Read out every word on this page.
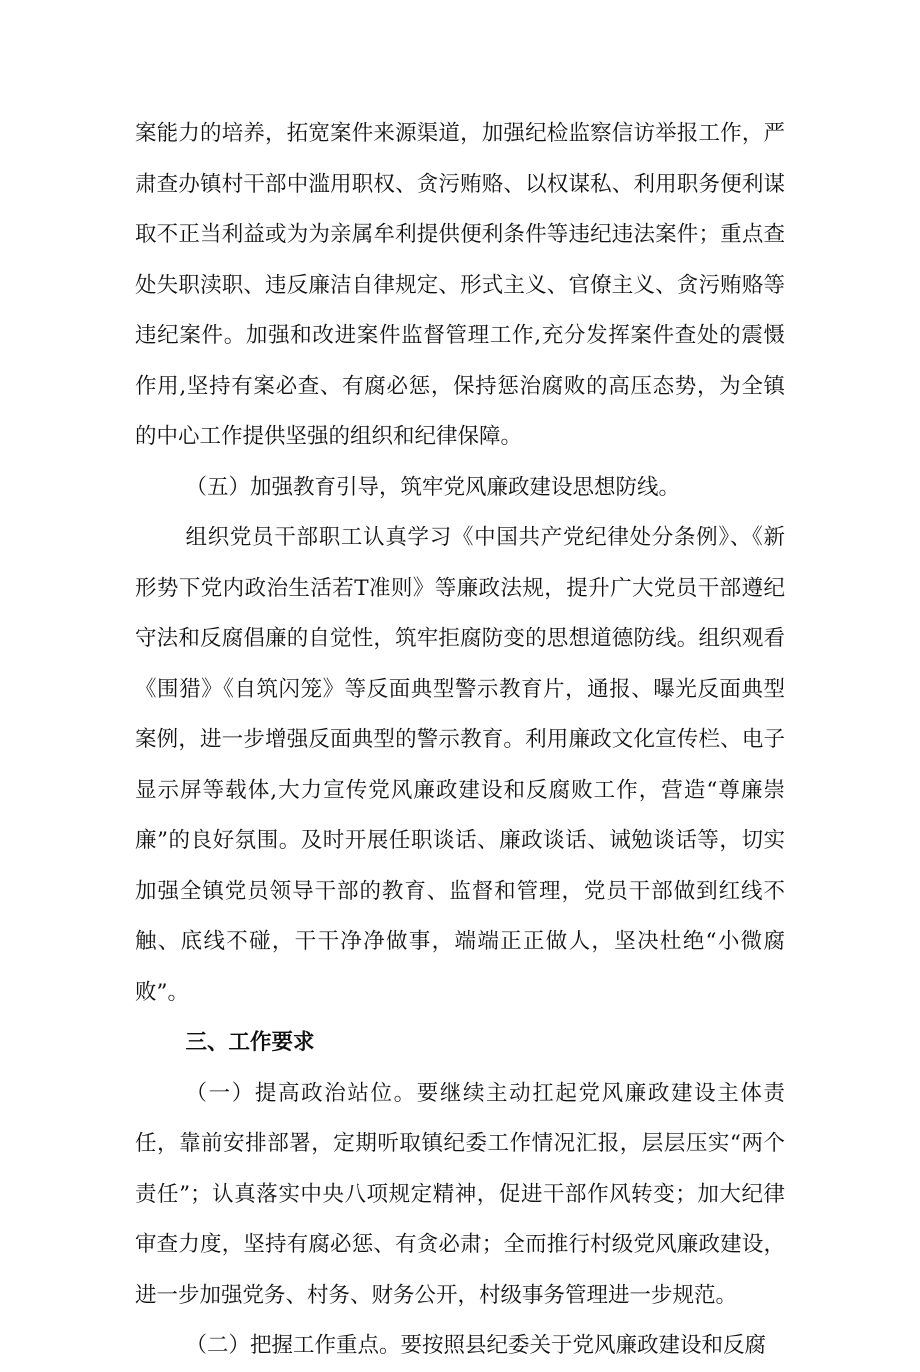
案能力的培养，拓宽案件来源渠道，加强纪检监察信访举报工作，严肃查办镇村干部中滥用职权、贪污贿赂、以权谋私、利用职务便利谋取不正当利益或为为亲属牟利提供便利条件等违纪违法案件；重点查处失职渎职、违反廉洁自律规定、形式主义、官僚主义、贪污贿赂等违纪案件。加强和改进案件监督管理工作,充分发挥案件查处的震慑作用,坚持有案必查、有腐必惩，保持惩治腐败的高压态势，为全镇的中心工作提供坚强的组织和纪律保障。

（五）加强教育引导，筑牢党风廉政建设思想防线。

组织党员干部职工认真学习《中国共产党纪律处分条例》、《新形势下党内政治生活若T准则》等廉政法规，提升广大党员干部遵纪守法和反腐倡廉的自觉性，筑牢拒腐防变的思想道德防线。组织观看《围猎》《自筑闪笼》等反面典型警示教育片，通报、曝光反面典型案例，进一步增强反面典型的警示教育。利用廉政文化宣传栏、电子显示屏等载体,大力宣传党风廉政建设和反腐败工作，营造“尊廉崇廉”的良好氛围。及时开展任职谈话、廉政谈话、诫勉谈话等，切实加强全镇党员领导干部的教育、监督和管理，党员干部做到红线不触、底线不碰，干干净净做事，端端正正做人，坚决杜绝“小微腐败”。

三、工作要求

（一）提高政治站位。要继续主动扛起党风廉政建设主体责任，靠前安排部署，定期听取镇纪委工作情况汇报，层层压实“两个责任”；认真落实中央八项规定精神，促进干部作风转变；加大纪律审查力度，坚持有腐必惩、有贪必肃；全而推行村级党风廉政建设，进一步加强党务、村务、财务公开，村级事务管理进一步规范。

（二）把握工作重点。要按照县纪委关于党风廉政建设和反腐
